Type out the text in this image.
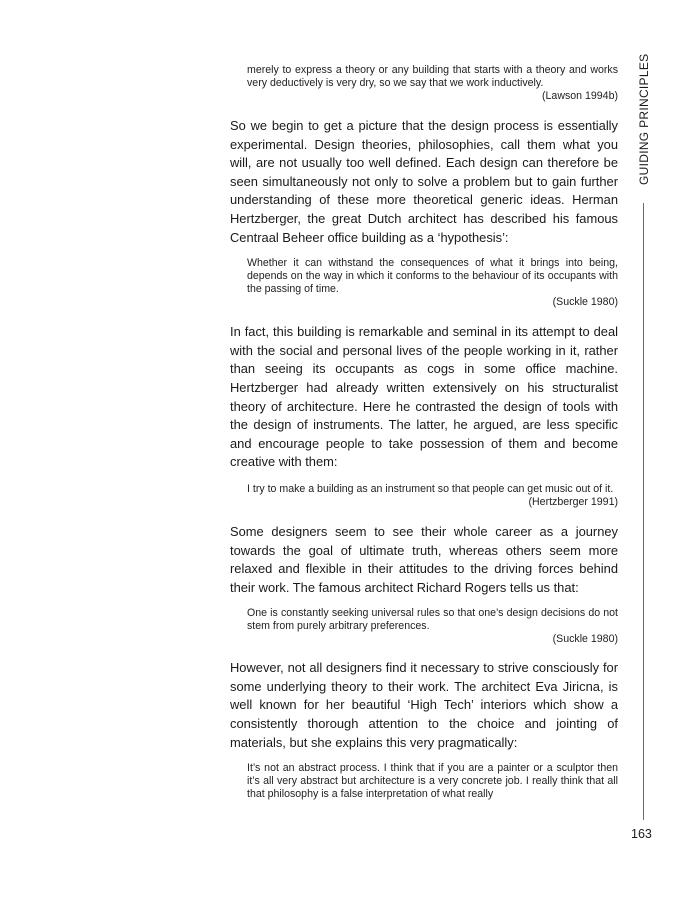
merely to express a theory or any building that starts with a theory and works very deductively is very dry, so we say that we work inductively.
(Lawson 1994b)

So we begin to get a picture that the design process is essentially experimental. Design theories, philosophies, call them what you will, are not usually too well defined. Each design can therefore be seen simultaneously not only to solve a problem but to gain further understanding of these more theoretical generic ideas. Herman Hertzberger, the great Dutch architect has described his famous Centraal Beheer office building as a ‘hypothesis’:

Whether it can withstand the consequences of what it brings into being, depends on the way in which it conforms to the behaviour of its occupants with the passing of time.
(Suckle 1980)

In fact, this building is remarkable and seminal in its attempt to deal with the social and personal lives of the people working in it, rather than seeing its occupants as cogs in some office machine. Hertzberger had already written extensively on his structuralist theory of architecture. Here he contrasted the design of tools with the design of instruments. The latter, he argued, are less specific and encourage people to take possession of them and become creative with them:

I try to make a building as an instrument so that people can get music out of it.
(Hertzberger 1991)

Some designers seem to see their whole career as a journey towards the goal of ultimate truth, whereas others seem more relaxed and flexible in their attitudes to the driving forces behind their work. The famous architect Richard Rogers tells us that:

One is constantly seeking universal rules so that one’s design decisions do not stem from purely arbitrary preferences.
(Suckle 1980)

However, not all designers find it necessary to strive consciously for some underlying theory to their work. The architect Eva Jiricna, is well known for her beautiful ‘High Tech’ interiors which show a consistently thorough attention to the choice and jointing of materials, but she explains this very pragmatically:

It’s not an abstract process. I think that if you are a painter or a sculptor then it’s all very abstract but architecture is a very concrete job. I really think that all that philosophy is a false interpretation of what really
GUIDING PRINCIPLES
163
